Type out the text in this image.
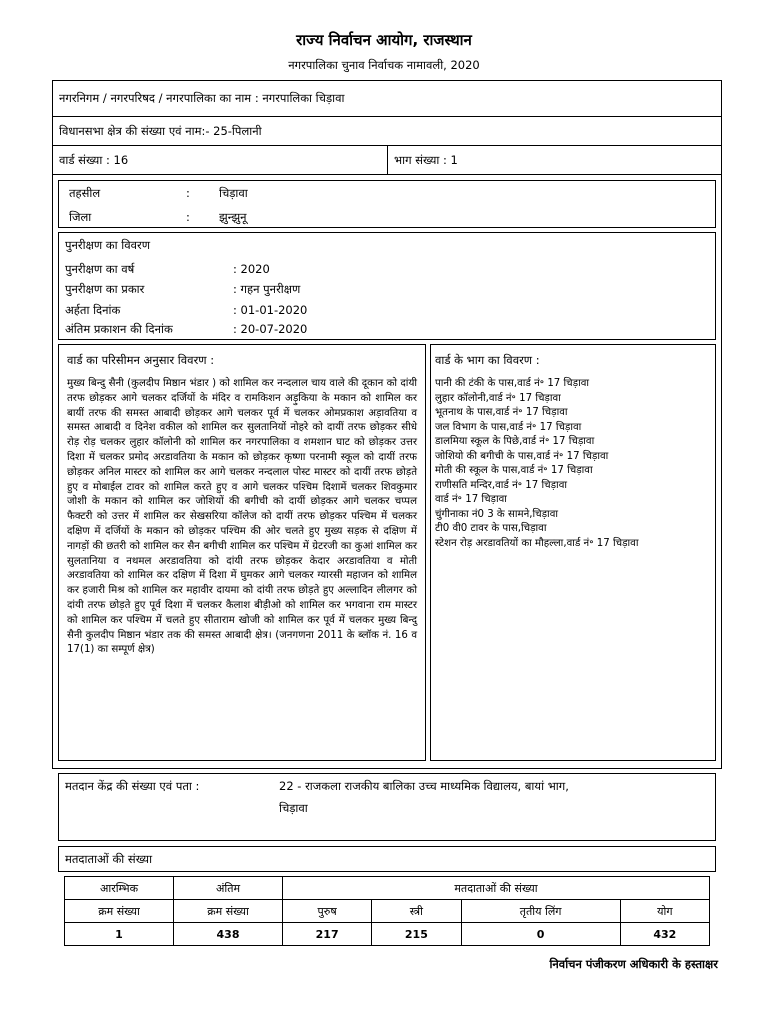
राज्य निर्वाचन आयोग, राजस्थान
नगरपालिका चुनाव निर्वाचक नामावली, 2020
नगरनिगम / नगरपरिषद / नगरपालिका का नाम : नगरपालिका चिड़ावा
विधानसभा क्षेत्र की संख्या एवं नाम:- 25-पिलानी
वार्ड संख्या : 16	भाग संख्या : 1
तहसील	:	चिड़ावा
जिला	:	झुन्झुनू
पुनरीक्षण का विवरण
पुनरीक्षण का वर्ष	: 2020
पुनरीक्षण का प्रकार	: गहन पुनरीक्षण
अर्हता दिनांक	: 01-01-2020
अंतिम प्रकाशन की दिनांक	: 20-07-2020
वार्ड का परिसीमन अनुसार विवरण :
मुख्य बिन्दु सैनी (कुलदीप मिष्ठान भंडार ) को शामिल कर नन्दलाल चाय वाले की दूकान को दांयी तरफ छोड़कर आगे चलकर दर्जियों के मंदिर व रामकिशन अड़ुकिया के मकान को शामिल कर बायीं तरफ की समस्त आबादी छोड़कर आगे चलकर पूर्व में चलकर ओमप्रकाश अड़ावतिया व समस्त आबादी व दिनेश वकील को शामिल कर सुलतानियों नोहरे को दायीं तरफ छोड़कर सीधे रोड़ रोड़ चलकर लुहार कॉलोनी को शामिल कर नगरपालिका व शमशान घाट को छोड़कर उत्तर दिशा में चलकर प्रमोद अरडावतिया के मकान को छोड़कर कृष्णा परनामी स्कूल को दायीं तरफ छोड़कर अनिल मास्टर को शामिल कर आगे चलकर नन्दलाल पोस्ट मास्टर को दायीं तरफ छोड़ते हुए व मोबाईल टावर को शामिल करते हुए व आगे चलकर पश्चिम दिशामें चलकर शिवकुमार जोशी के मकान को शामिल कर जोशियों की बगीची को दायीं छोड़कर आगे चलकर चप्पल फैक्टरी को उत्तर में शामिल कर सेखसरिया कॉलेज को दायीं तरफ छोड़कर पश्चिम में चलकर दक्षिण में दर्जियों के मकान को छोड़कर पश्चिम की ओर चलते हुए मुख्य सड़क से दक्षिण में नागड़ों की छतरी को शामिल कर सैन बगीची शामिल कर पश्चिम में ग्रेटरजी का कुआं शामिल कर सुलतानिया व नथमल अरडावतिया को दांयी तरफ छोड़कर केदार अरडावतिया व मोती अरडावतिया को शामिल कर दक्षिण में दिशा में घुमकर आगे चलकर ग्यारसी महाजन को शामिल कर हजारी मिश्र को शामिल कर महावीर दायमा को दांयी तरफ छोड़ते हुए अल्लादिन लीलगर को दांयी तरफ छोड़ते हुए पूर्व दिशा में चलकर कैलाश बीड़ीओ को शामिल कर भगवाना राम मास्टर को शामिल कर पश्चिम में चलते हुए सीताराम खोजी को शामिल कर पूर्व में चलकर मुख्य बिन्दु सैनी कुलदीप मिष्ठान भंडार तक की समस्त आबादी क्षेत्र। (जनगणना 2011 के ब्लॉक नं. 16 व 17(1) का सम्पूर्ण क्षेत्र)
वार्ड के भाग का विवरण :
पानी की टंकी के पास,वार्ड नं॰ 17 चिड़ावा
लुहार कॉलोनी,वार्ड नं॰ 17 चिड़ावा
भूतनाथ के पास,वार्ड नं॰ 17 चिड़ावा
जल विभाग के पास,वार्ड नं॰ 17 चिड़ावा
डालमिया स्कूल के पिछे,वार्ड नं॰ 17 चिड़ावा
जोशियो की बगीची के पास,वार्ड नं॰ 17 चिड़ावा
मोती की स्कूल के पास,वार्ड नं॰ 17 चिड़ावा
राणीसति मन्दिर,वार्ड नं॰ 17 चिड़ावा
वार्ड नं॰ 17 चिड़ावा
चुंगीनाका नं0 3 के सामने,चिड़ावा
टी0 वी0 टावर के पास,चिड़ावा
स्टेशन रोड़ अरडावतियों का मौहल्ला,वार्ड नं॰ 17 चिड़ावा
मतदान केंद्र की संख्या एवं पता :	22 - राजकला राजकीय बालिका उच्च माध्यमिक विद्यालय, बायां भाग,
चिड़ावा
मतदाताओं की संख्या
आरम्भिक	अंतिम	मतदाताओं की संख्या			
क्रम संख्या	क्रम संख्या	पुरुष	स्त्री	तृतीय लिंग	योग
1	438	217	215	0	432
निर्वाचन पंजीकरण अधिकारी के हस्ताक्षर
